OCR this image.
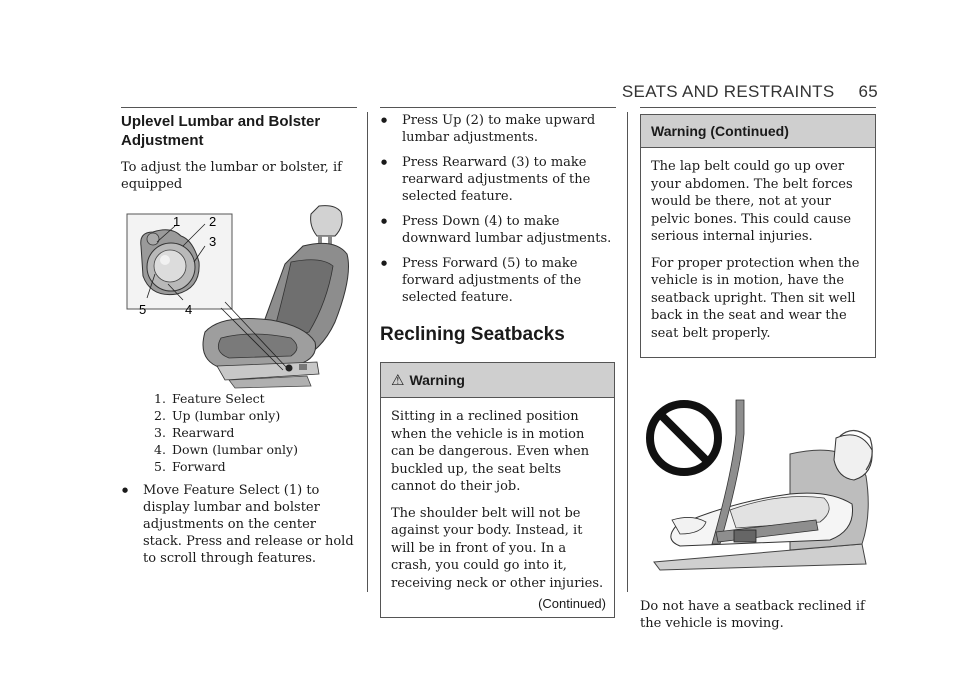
SEATS AND RESTRAINTS 65
Uplevel Lumbar and Bolster Adjustment

To adjust the lumbar or bolster, if equipped

1 2
3
4
5
1. Feature Select
2. Up (lumbar only)
3. Rearward
4. Down (lumbar only)
5. Forward
● Move Feature Select (1) to display lumbar and bolster adjustments on the center stack. Press and release or hold to scroll through features.
● Press Up (2) to make upward lumbar adjustments.
● Press Rearward (3) to make rearward adjustments of the selected feature.
● Press Down (4) to make downward lumbar adjustments.
● Press Forward (5) to make forward adjustments of the selected feature.
Reclining Seatbacks
⚠ Warning

Sitting in a reclined position when the vehicle is in motion can be dangerous. Even when buckled up, the seat belts cannot do their job.

The shoulder belt will not be against your body. Instead, it will be in front of you. In a crash, you could go into it, receiving neck or other injuries.

(Continued)
Warning (Continued)

The lap belt could go up over your abdomen. The belt forces would be there, not at your pelvic bones. This could cause serious internal injuries.

For proper protection when the vehicle is in motion, have the seatback upright. Then sit well back in the seat and wear the seat belt properly.

Do not have a seatback reclined if the vehicle is moving.
